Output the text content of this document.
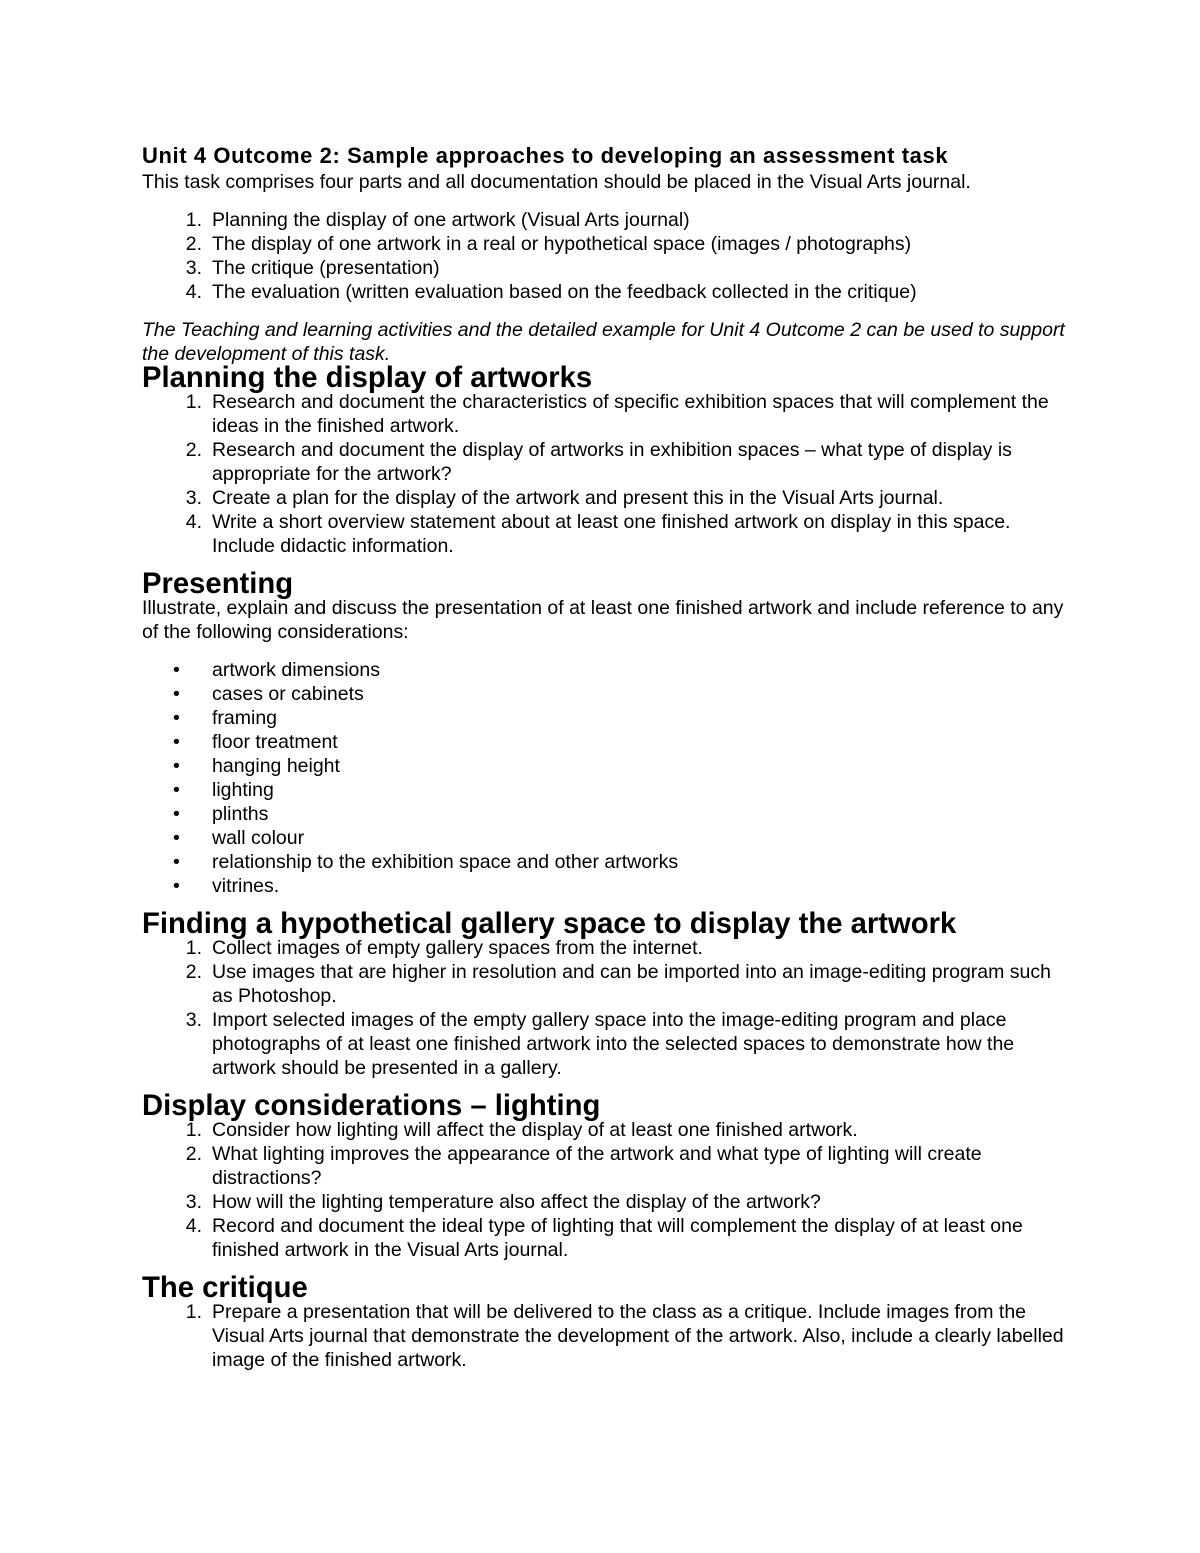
Unit 4 Outcome 2: Sample approaches to developing an assessment task

This task comprises four parts and all documentation should be placed in the Visual Arts journal.

1. Planning the display of one artwork (Visual Arts journal)
2. The display of one artwork in a real or hypothetical space (images / photographs)
3. The critique (presentation)
4. The evaluation (written evaluation based on the feedback collected in the critique)

The Teaching and learning activities and the detailed example for Unit 4 Outcome 2 can be used to support the development of this task.

Planning the display of artworks
1. Research and document the characteristics of specific exhibition spaces that will complement the ideas in the finished artwork.
2. Research and document the display of artworks in exhibition spaces – what type of display is appropriate for the artwork?
3. Create a plan for the display of the artwork and present this in the Visual Arts journal.
4. Write a short overview statement about at least one finished artwork on display in this space. Include didactic information.
Presenting

Illustrate, explain and discuss the presentation of at least one finished artwork and include reference to any of the following considerations:

•	artwork dimensions
•	cases or cabinets
•	framing
•	floor treatment
•	hanging height
•	lighting
•	plinths
•	wall colour
•	relationship to the exhibition space and other artworks
•	vitrines.
Finding a hypothetical gallery space to display the artwork
1. Collect images of empty gallery spaces from the internet.
2. Use images that are higher in resolution and can be imported into an image-editing program such as Photoshop.
3. Import selected images of the empty gallery space into the image-editing program and place photographs of at least one finished artwork into the selected spaces to demonstrate how the artwork should be presented in a gallery.
Display considerations – lighting
1. Consider how lighting will affect the display of at least one finished artwork.
2. What lighting improves the appearance of the artwork and what type of lighting will create distractions?
3. How will the lighting temperature also affect the display of the artwork?
4. Record and document the ideal type of lighting that will complement the display of at least one finished artwork in the Visual Arts journal.
The critique
1. Prepare a presentation that will be delivered to the class as a critique. Include images from the Visual Arts journal that demonstrate the development of the artwork. Also, include a clearly labelled image of the finished artwork.
